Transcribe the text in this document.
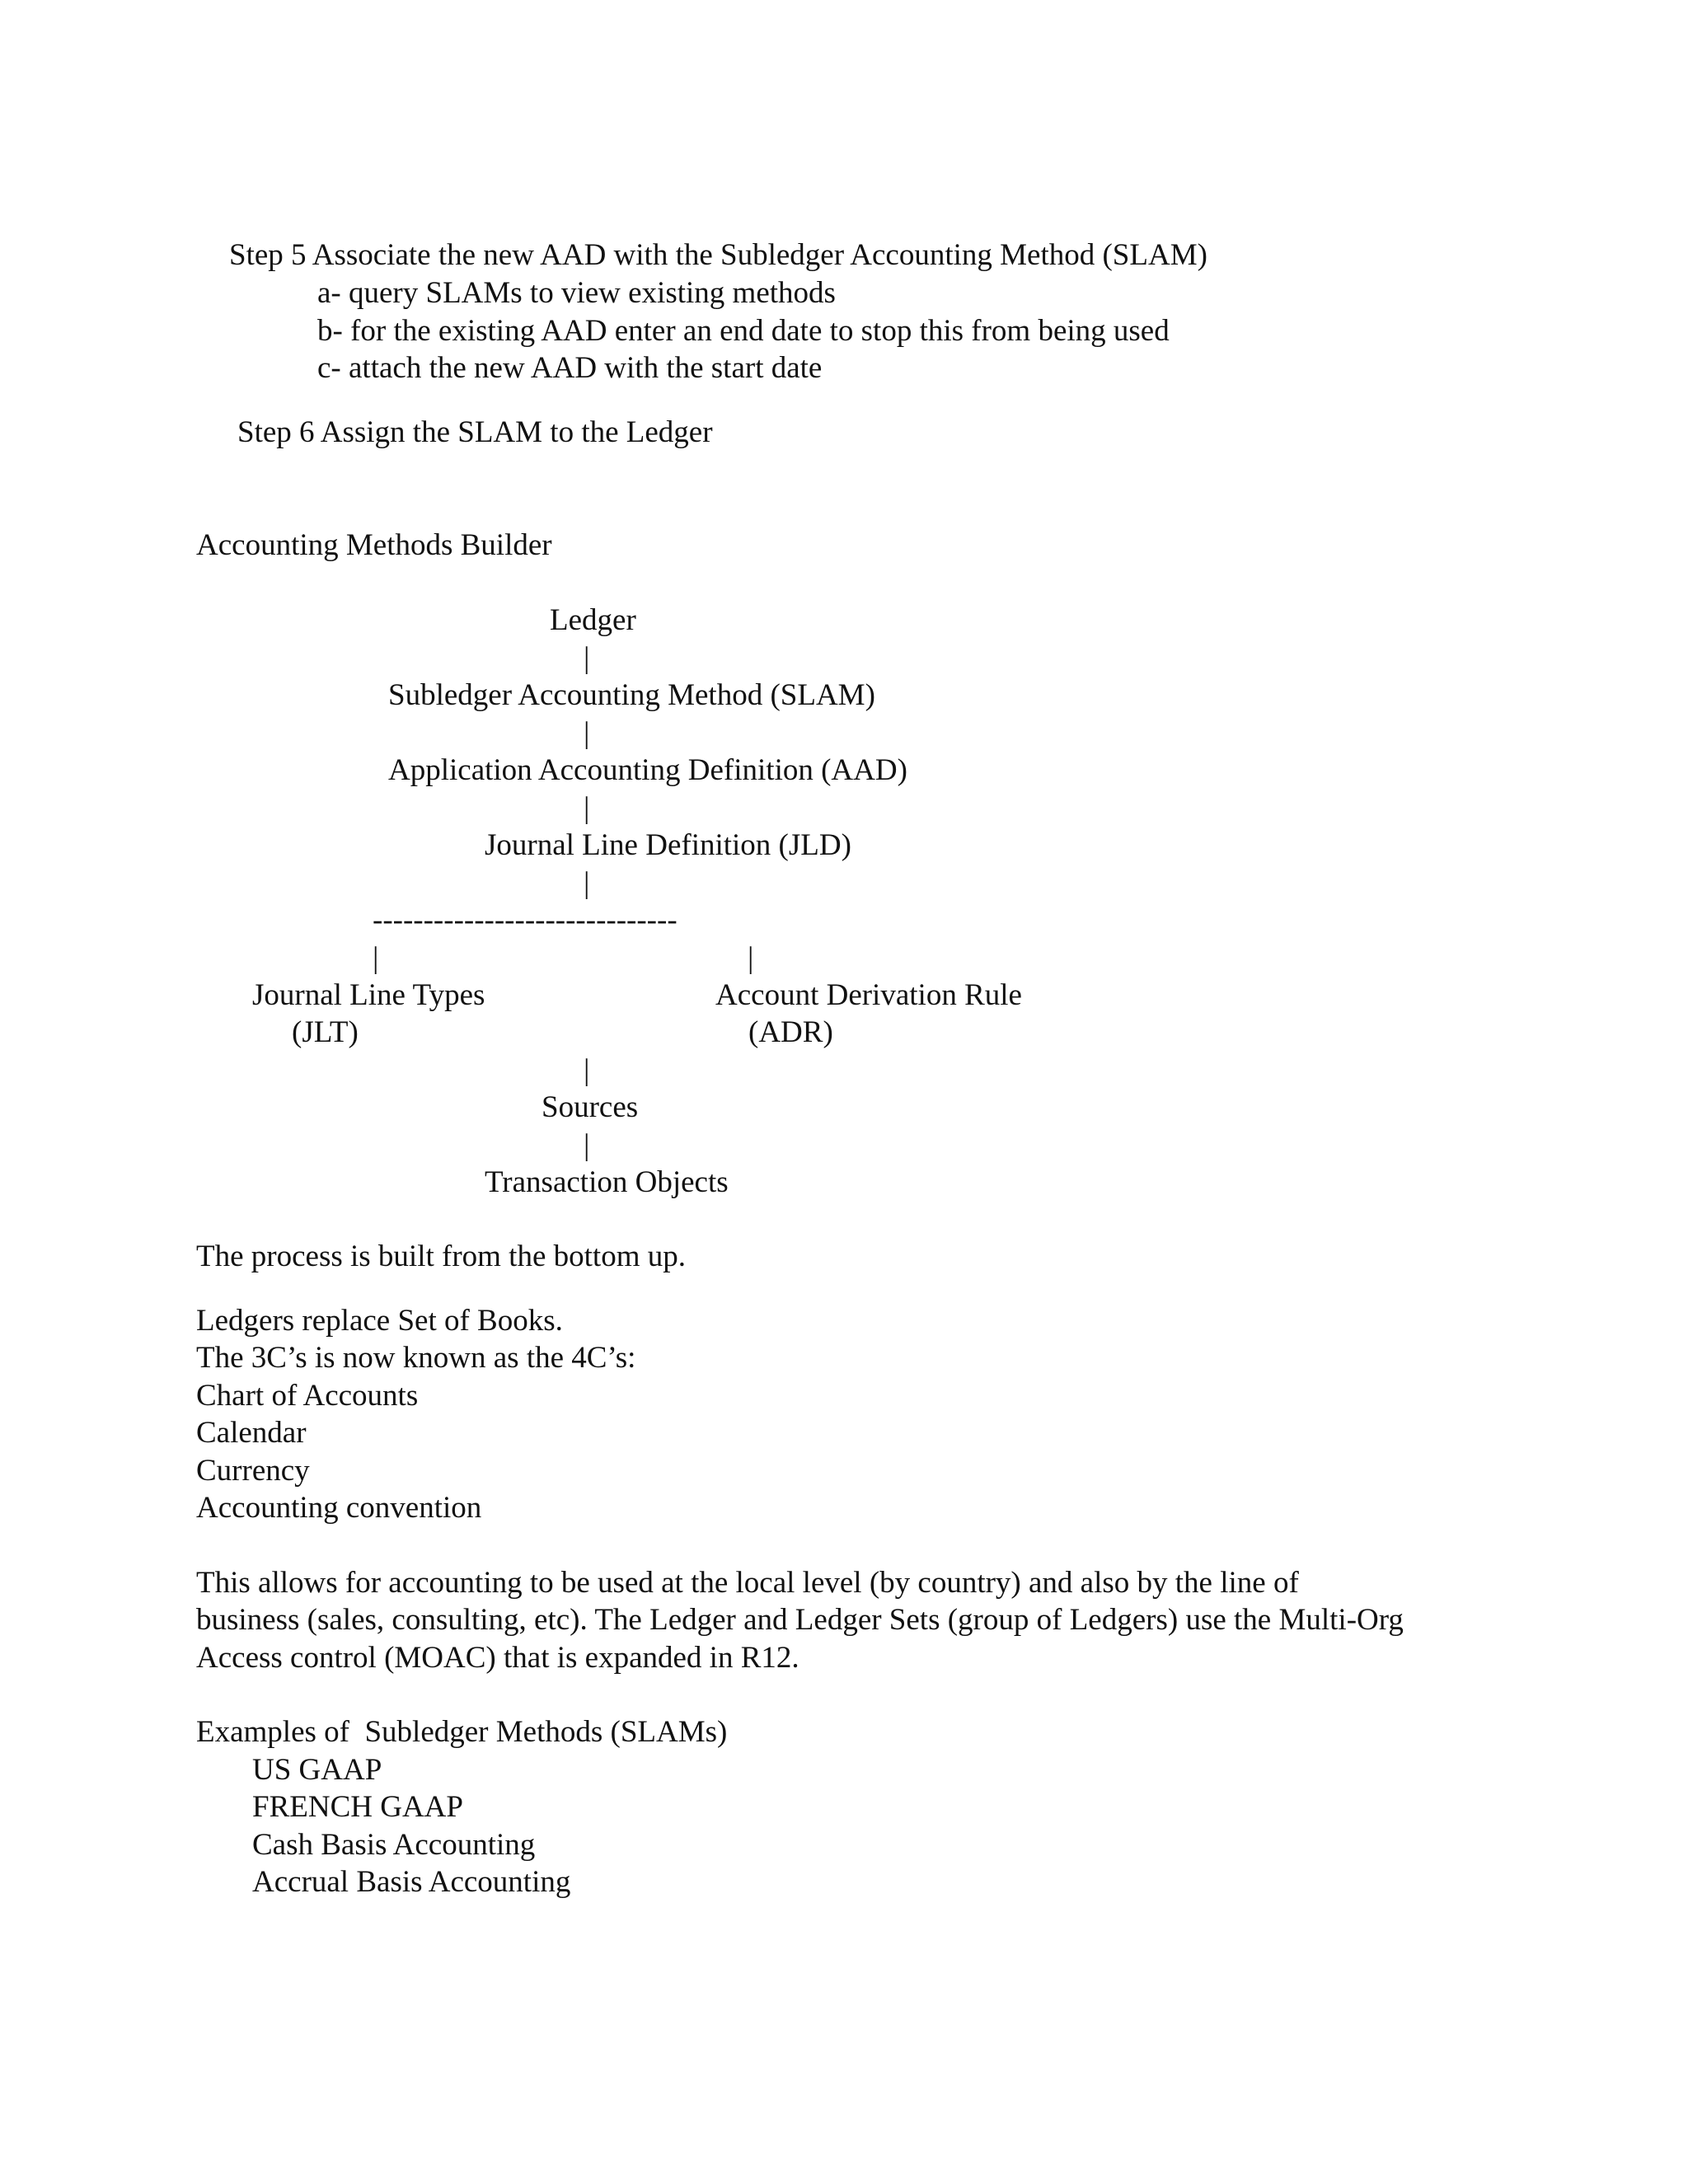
Step 5 Associate the new AAD with the Subledger Accounting Method (SLAM)

a- query SLAMs to view existing methods

b- for the existing AAD enter an end date to stop this from being used

c- attach the new AAD with the start date

Step 6 Assign the SLAM to the Ledger

Accounting Methods Builder

Ledger

|

Subledger Accounting Method (SLAM)

|

Application Accounting Definition (AAD)

|

Journal Line Definition (JLD)

|

------------------------------

|	|

Journal Line Types	Account Derivation Rule

(JLT)	(ADR)

|

Sources

|

Transaction Objects

The process is built from the bottom up.

Ledgers replace Set of Books.

The 3C’s is now known as the 4C’s:

Chart of Accounts

Calendar

Currency

Accounting convention

This allows for accounting to be used at the local level (by country) and also by the line of

business (sales, consulting, etc). The Ledger and Ledger Sets (group of Ledgers) use the Multi-Org

Access control (MOAC) that is expanded in R12.

Examples of  Subledger Methods (SLAMs)

US GAAP

FRENCH GAAP

Cash Basis Accounting

Accrual Basis Accounting
